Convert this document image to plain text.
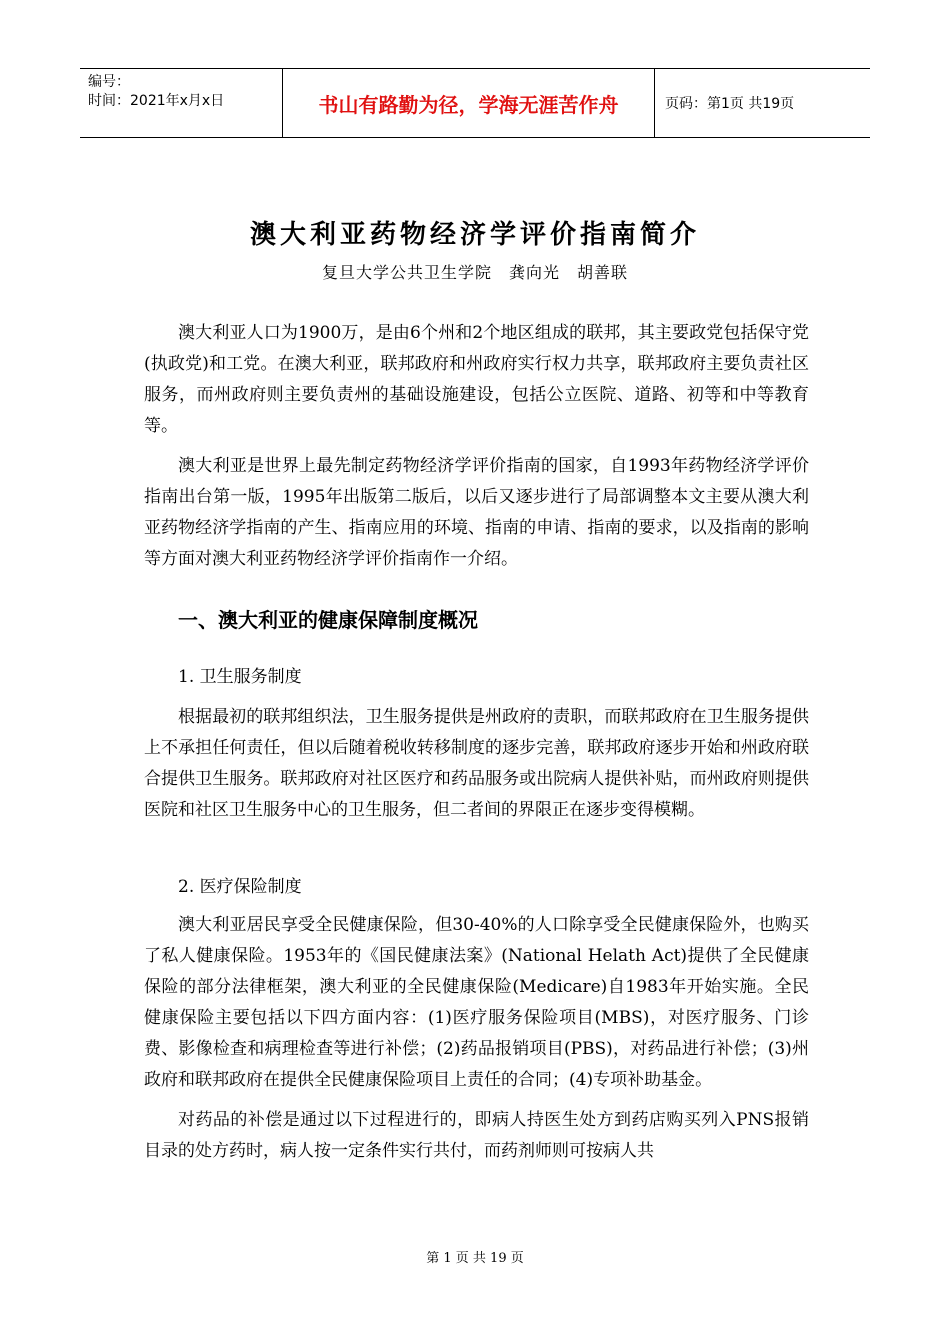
编号：
时间：2021年x月x日	书山有路勤为径，学海无涯苦作舟	页码：第1页 共19页
澳大利亚药物经济学评价指南简介
复旦大学公共卫生学院　龚向光　胡善联

澳大利亚人口为1900万，是由6个州和2个地区组成的联邦，其主要政党包括保守党(执政党)和工党。在澳大利亚，联邦政府和州政府实行权力共享，联邦政府主要负责社区服务，而州政府则主要负责州的基础设施建设，包括公立医院、道路、初等和中等教育等。

澳大利亚是世界上最先制定药物经济学评价指南的国家，自1993年药物经济学评价指南出台第一版，1995年出版第二版后，以后又逐步进行了局部调整本文主要从澳大利亚药物经济学指南的产生、指南应用的环境、指南的申请、指南的要求，以及指南的影响等方面对澳大利亚药物经济学评价指南作一介绍。

一、澳大利亚的健康保障制度概况
1. 卫生服务制度

根据最初的联邦组织法，卫生服务提供是州政府的责职，而联邦政府在卫生服务提供上不承担任何责任，但以后随着税收转移制度的逐步完善，联邦政府逐步开始和州政府联合提供卫生服务。联邦政府对社区医疗和药品服务或出院病人提供补贴，而州政府则提供医院和社区卫生服务中心的卫生服务，但二者间的界限正在逐步变得模糊。

2. 医疗保险制度

澳大利亚居民享受全民健康保险，但30-40%的人口除享受全民健康保险外，也购买了私人健康保险。1953年的《国民健康法案》(National Helath Act)提供了全民健康保险的部分法律框架，澳大利亚的全民健康保险(Medicare)自1983年开始实施。全民健康保险主要包括以下四方面内容：(1)医疗服务保险项目(MBS)，对医疗服务、门诊费、影像检查和病理检查等进行补偿；(2)药品报销项目(PBS)，对药品进行补偿；(3)州政府和联邦政府在提供全民健康保险项目上责任的合同；(4)专项补助基金。

对药品的补偿是通过以下过程进行的，即病人持医生处方到药店购买列入PNS报销目录的处方药时，病人按一定条件实行共付，而药剂师则可按病人共

第 1 页 共 19 页
